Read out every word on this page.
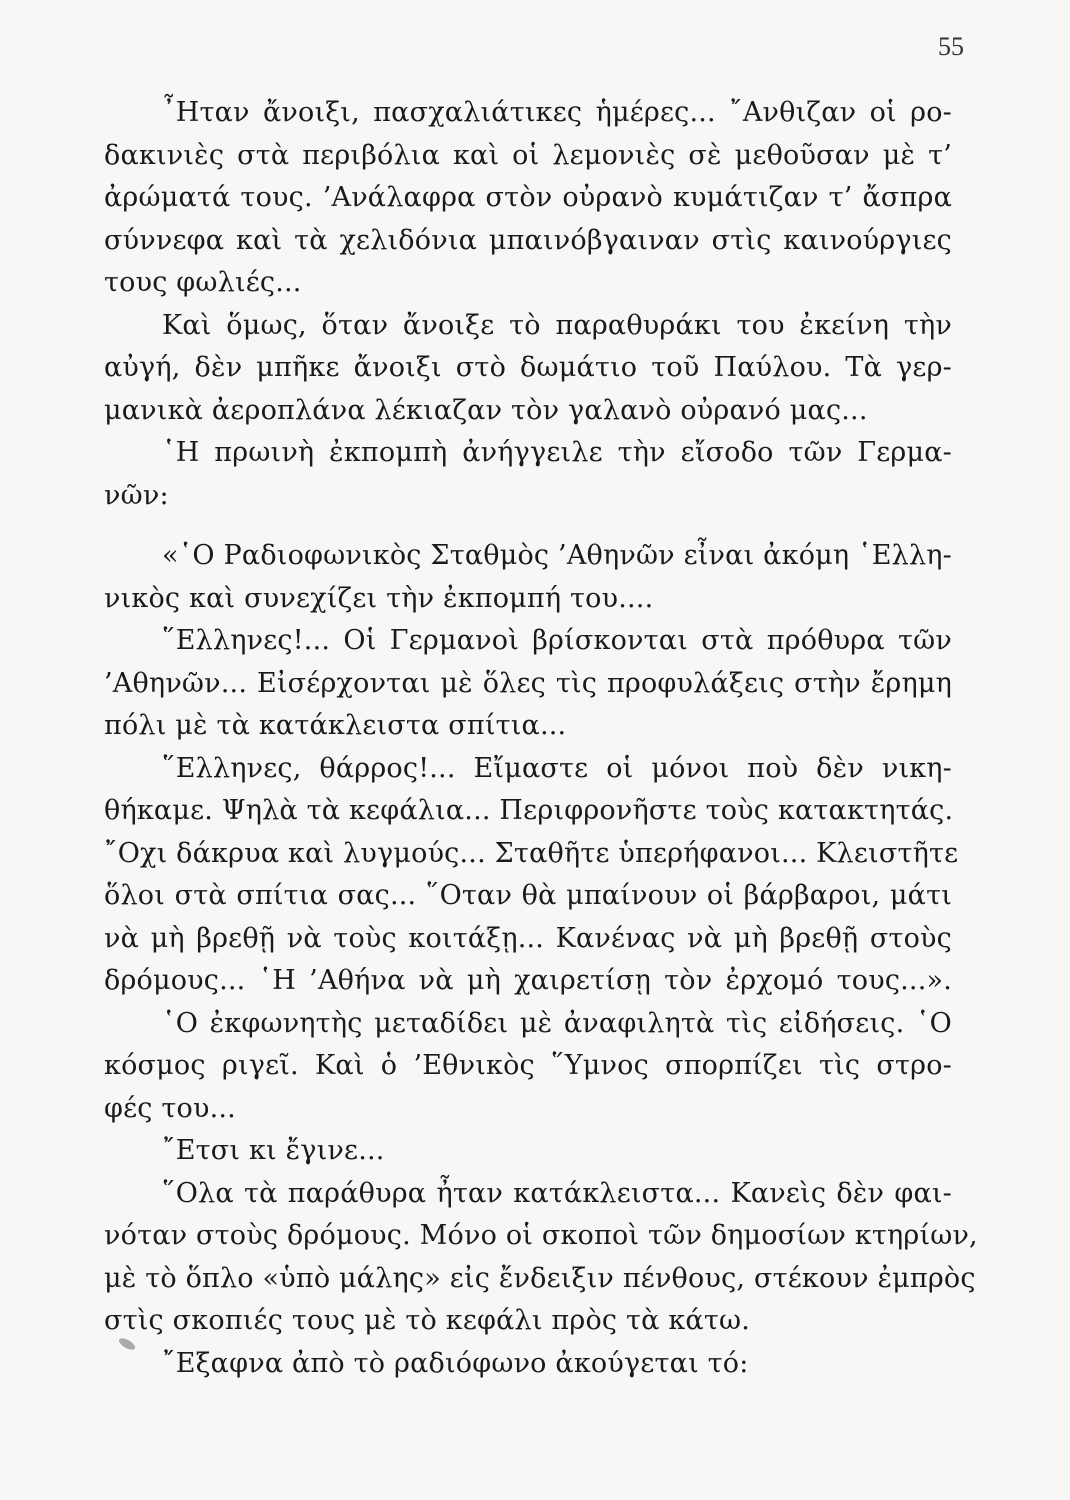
55
῏Ηταν ἄνοιξι, πασχαλιάτικες ἡμέρες... ῎Ανθιζαν οἱ ρο-
δακινιὲς στὰ περιβόλια καὶ οἱ λεμονιὲς σὲ μεθοῦσαν μὲ τ’
ἀρώματά τους. ’Ανάλαφρα στὸν οὐρανὸ κυμάτιζαν τ’ ἄσπρα
σύννεφα καὶ τὰ χελιδόνια μπαινόβγαιναν στὶς καινούργιες
τους φωλιές...
Καὶ ὅμως, ὅταν ἄνοιξε τὸ παραθυράκι του ἐκείνη τὴν
αὐγή, δὲν μπῆκε ἄνοιξι στὸ δωμάτιο τοῦ Παύλου. Τὰ γερ-
μανικὰ ἀεροπλάνα λέκιαζαν τὸν γαλανὸ οὐρανό μας...
῾Η πρωινὴ ἐκπομπὴ ἀνήγγειλε τὴν εἴσοδο τῶν Γερμα-
νῶν:
«῾Ο Ραδιοφωνικὸς Σταθμὸς ’Αθηνῶν εἶναι ἀκόμη ῾Ελλη-
νικὸς καὶ συνεχίζει τὴν ἐκπομπή του....
῞Ελληνες!... Οἱ Γερμανοὶ βρίσκονται στὰ πρόθυρα τῶν
’Αθηνῶν... Εἰσέρχονται μὲ ὅλες τὶς προφυλάξεις στὴν ἔρημη
πόλι μὲ τὰ κατάκλειστα σπίτια...
῞Ελληνες, θάρρος!... Εἴμαστε οἱ μόνοι ποὺ δὲν νικη-
θήκαμε. Ψηλὰ τὰ κεφάλια... Περιφρονῆστε τοὺς κατακτητάς.
῎Οχι δάκρυα καὶ λυγμούς... Σταθῆτε ὑπερήφανοι... Κλειστῆτε
ὅλοι στὰ σπίτια σας... ῞Οταν θὰ μπαίνουν οἱ βάρβαροι, μάτι
νὰ μὴ βρεθῇ νὰ τοὺς κοιτάξῃ... Κανένας νὰ μὴ βρεθῇ στοὺς
δρόμους... ῾Η ’Αθήνα νὰ μὴ χαιρετίσῃ τὸν ἐρχομό τους...».
῾Ο ἐκφωνητὴς μεταδίδει μὲ ἀναφιλητὰ τὶς εἰδήσεις. ῾Ο
κόσμος ριγεῖ. Καὶ ὁ ’Εθνικὸς ῞Υμνος σπορπίζει τὶς στρο-
φές του...
῎Ετσι κι ἔγινε...
῞Ολα τὰ παράθυρα ἦταν κατάκλειστα... Κανεὶς δὲν φαι-
νόταν στοὺς δρόμους. Μόνο οἱ σκοποὶ τῶν δημοσίων κτηρίων,
μὲ τὸ ὅπλο «ὑπὸ μάλης» εἰς ἔνδειξιν πένθους, στέκουν ἐμπρὸς
στὶς σκοπιές τους μὲ τὸ κεφάλι πρὸς τὰ κάτω.
῎Εξαφνα ἀπὸ τὸ ραδιόφωνο ἀκούγεται τό:
